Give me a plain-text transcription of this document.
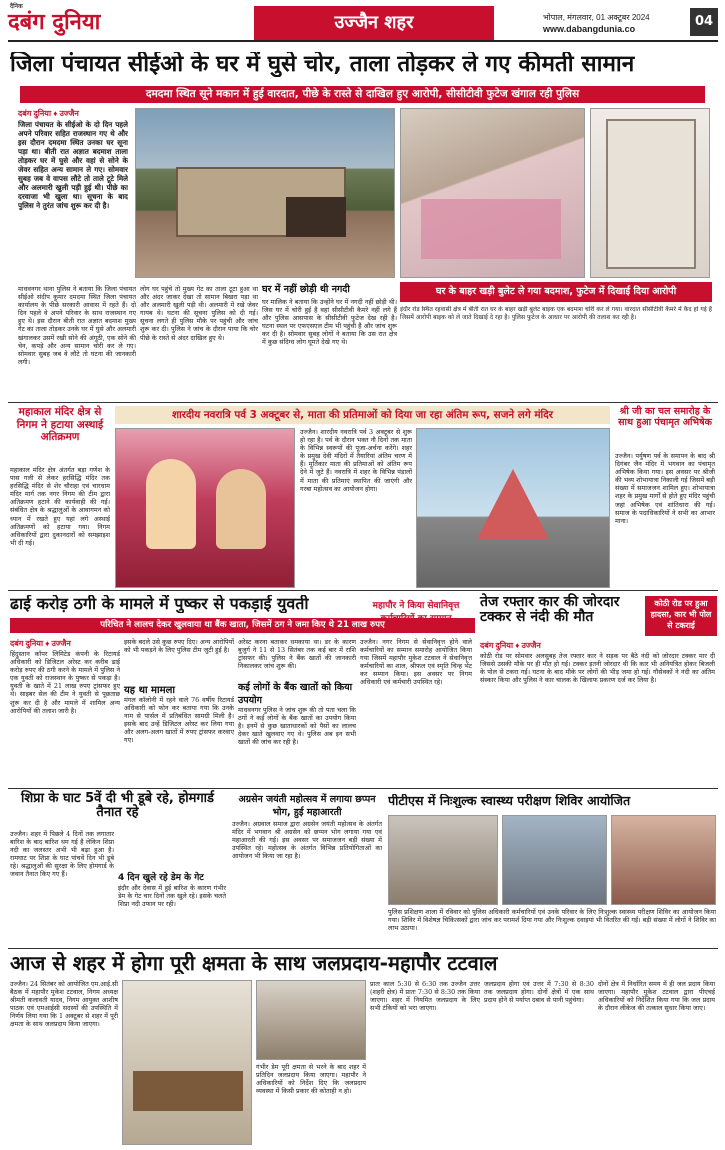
दैनिक
दबंग दुनिया	उज्जैन शहर	भोपाल, मंगलवार, 01 अक्टूबर 2024
www.dabangdunia.co	04
जिला पंचायत सीईओ के घर में घुसे चोर, ताला तोड़कर ले गए कीमती सामान
दमदमा स्थित सूने मकान में हुई वारदात, पीछे के रास्ते से दाखिल हुए आरोपी, सीसीटीवी फुटेज खंगाल रही पुलिस
दबंग दुनिया ♦ उज्जैन
जिला पंचायत के सीईओ के दो दिन पहले अपने परिवार सहित राजस्थान गए थे और इस दौरान दमदमा स्थित उनका घर सूना पड़ा था। बीती रात अज्ञात बदमाश ताला तोड़कर घर में घुसे और वहां से सोने के जेवर सहित अन्य सामान ले गए। सोमवार सुबह जब वे वापस लौटे तो ताले टूटे मिले और अलमारी खुली पड़ी हुई थी। पीछे का दरवाजा भी खुला था। सूचना के बाद पुलिस ने तुरंत जांच शुरू कर दी है।
माधवनगर थाना पुलिस ने बताया कि जिला पंचायत सीईओ संदीप कुमार दमदमा स्थित जिला पंचायत कार्यालय के पीछे सरकारी आवास में रहते हैं। दो दिन पहले वे अपने परिवार के साथ राजस्थान गए हुए थे। इस दौरान बीती रात अज्ञात बदमाश मुख्य गेट का ताला तोड़कर उनके घर में घुसे और अलमारी खंगालकर उसमें रखी सोने की अंगूठी, एक सोने की चेन, कपड़े और अन्य सामान चोरी कर ले गए। सोमवार सुबह जब वे लौटे तो घटना की जानकारी लगी।
लोग घर पहुंचे तो मुख्य गेट का ताला टूटा हुआ था और अंदर जाकर देखा तो सामान बिखरा पड़ा था और अलमारी खुली पड़ी थी। अलमारी में रखे जेवर गायब थे। घटना की सूचना पुलिस को दी गई। सूचना लगते ही पुलिस मौके पर पहुंची और जांच शुरू कर दी। पुलिस ने जांच के दौरान पाया कि चोर पीछे के रास्ते से अंदर दाखिल हुए थे।
घर में नहीं छोड़ी थी नगदी
घर मालिक ने बताया कि उन्होंने घर में नगदी नहीं छोड़ी थी। जिस घर में चोरी हुई है वहां सीसीटीवी कैमरे नहीं लगे हैं और पुलिस आसपास के सीसीटीवी फुटेज देख रही है। घटना स्थल पर एफएसएल टीम भी पहुंची है और जांच शुरू कर दी है। सोमवार सुबह लोगों ने बताया कि उस रात क्षेत्र में कुछ संदिग्ध लोग घूमते देखे गए थे।
घर के बाहर खड़ी बुलेट ले गया बदमाश, फुटेज में दिखाई दिया आरोपी
इंदौर रोड स्थित रहवासी क्षेत्र में बीती रात घर के बाहर खड़ी बुलेट बाइक एक बदमाश चोरी कर ले गया। वारदात सीसीटीवी कैमरे में कैद हो गई है जिसमें आरोपी बाइक को ले जाते दिखाई दे रहा है। पुलिस फुटेज के आधार पर आरोपी की तलाश कर रही है।
महाकाल मंदिर क्षेत्र से निगम ने हटाया अस्थाई अतिक्रमण
महाकाल मंदिर क्षेत्र अंतर्गत बड़ा गणेश के पास गली से लेकर हरसिद्धि मंदिर तक हरसिद्धि मंदिर से शेर चौराहा एवं चारधाम मंदिर मार्ग तक नगर निगम की टीम द्वारा अतिक्रमण हटाने की कार्यवाही की गई। संबंधित क्षेत्र के श्रद्धालुओं के आवागमन को ध्यान में रखते हुए यहां लगे अस्थाई अतिक्रमणों को हटाया गया। निगम अधिकारियों द्वारा दुकानदारों को समझाइश भी दी गई।
शारदीय नवरात्रि पर्व 3 अक्टूबर से, माता की प्रतिमाओं को दिया जा रहा अंतिम रूप, सजने लगे मंदिर
उज्जैन। शारदीय नवरात्रि पर्व 3 अक्टूबर से शुरू हो रहा है। पर्व के दौरान भक्त नौ दिनों तक माता के विभिन्न स्वरूपों की पूजा-अर्चना करेंगे। शहर के प्रमुख देवी मंदिरों में तैयारियां अंतिम चरण में हैं। मूर्तिकार माता की प्रतिमाओं को अंतिम रूप देने में जुटे हैं। नवरात्रि में शहर के विभिन्न पंडालों में माता की प्रतिमाएं स्थापित की जाएंगी और गरबा महोत्सव का आयोजन होगा।
श्री जी का चल समारोह के साथ हुआ पंचामृत अभिषेक
उज्जैन। पर्युषण पर्व के समापन के बाद श्री दिगंबर जैन मंदिर में भगवान का पंचामृत अभिषेक किया गया। इस अवसर पर श्रीजी की भव्य शोभायात्रा निकाली गई जिसमें बड़ी संख्या में समाजजन शामिल हुए। शोभायात्रा शहर के प्रमुख मार्गों से होते हुए मंदिर पहुंची जहां अभिषेक एवं शांतिधारा की गई। समाज के पदाधिकारियों ने सभी का आभार माना।
ढाई करोड़ ठगी के मामले में पुष्कर से पकड़ाई युवती
परिचित ने लालच देकर खुलवाया था बैंक खाता, जिसमें ठग ने जमा किए थे 21 लाख रुपए
दबंग दुनिया ♦ उज्जैन
हिंदुस्तान कॉपर लिमिटेड कंपनी के रिटायर्ड अधिकारी को डिजिटल अरेस्ट कर करीब ढाई करोड़ रुपए की ठगी करने के मामले में पुलिस ने एक युवती को राजस्थान के पुष्कर से पकड़ा है। युवती के खाते में 21 लाख रुपए ट्रांसफर हुए थे। साइबर सेल की टीम ने युवती से पूछताछ शुरू कर दी है और मामले में शामिल अन्य आरोपियों की तलाश जारी है।
इसके बदले उसे कुछ रुपए दिए। अन्य आरोपियों को भी पकड़ने के लिए पुलिस टीम जुटी हुई है।
यह था मामला
मंगल कॉलोनी में रहने वाले 76 वर्षीय रिटायर्ड अधिकारी को फोन कर बताया गया कि उनके नाम से पार्सल में प्रतिबंधित सामग्री मिली है। इसके बाद उन्हें डिजिटल अरेस्ट कर लिया गया और अलग-अलग खातों में रुपए ट्रांसफर करवाए गए।
अरेस्ट करना बताकर धमकाया था। डर के कारण बुजुर्ग ने 11 से 13 सितंबर तक कई बार में राशि ट्रांसफर की। पुलिस ने बैंक खातों की जानकारी निकालकर जांच शुरू की।
कई लोगों के बैंक खातों को किया उपयोग
माधवनगर पुलिस ने जांच शुरू की तो पता चला कि ठगों ने कई लोगों के बैंक खातों का उपयोग किया है। इनमें से कुछ खाताधारकों को पैसों का लालच देकर खाते खुलवाए गए थे। पुलिस अब इन सभी खातों की जांच कर रही है।
महापौर ने किया सेवानिवृत्त कर्मचारियों का सम्मान
उज्जैन। नगर निगम से सेवानिवृत्त होने वाले कर्मचारियों का सम्मान समारोह आयोजित किया गया जिसमें महापौर मुकेश टटवाल ने सेवानिवृत्त कर्मचारियों का शाल, श्रीफल एवं स्मृति चिन्ह भेंट कर सम्मान किया। इस अवसर पर निगम अधिकारी एवं कर्मचारी उपस्थित रहे।
तेज रफ्तार कार की जोरदार टक्कर से नंदी की मौत
कोठी रोड पर हुआ हादसा, कार भी पोल से टकराई
दबंग दुनिया ♦ उज्जैन
कोठी रोड पर सोमवार अलसुबह तेज रफ्तार कार ने सड़क पर बैठे नंदी को जोरदार टक्कर मार दी जिससे उसकी मौके पर ही मौत हो गई। टक्कर इतनी जोरदार थी कि कार भी अनियंत्रित होकर बिजली के पोल से टकरा गई। घटना के बाद मौके पर लोगों की भीड़ जमा हो गई। गौसेवकों ने नंदी का अंतिम संस्कार किया और पुलिस ने कार चालक के खिलाफ प्रकरण दर्ज कर लिया है।
शिप्रा के घाट 5वें दी भी डूबे रहे, होमगार्ड तैनात रहे
उज्जैन। शहर में पिछले 4 दिनों तक लगातार बारिश के बाद बारिश थम गई है लेकिन शिप्रा नदी का जलस्तर अभी भी बढ़ा हुआ है। रामघाट पर शिप्रा के घाट पांचवें दिन भी डूबे रहे। श्रद्धालुओं की सुरक्षा के लिए होमगार्ड के जवान तैनात किए गए हैं।	4 दिन खुले रहे डेम के गेट
इंदौर और देवास में हुई बारिश के कारण गंभीर डेम के गेट चार दिनों तक खुले रहे। इसके चलते शिप्रा नदी उफान पर रही।
अग्रसेन जयंती महोत्सव में लगाया छप्पन भोग, हुई महाआरती
उज्जैन। अग्रवाल समाज द्वारा अग्रसेन जयंती महोत्सव के अंतर्गत मंदिर में भगवान श्री अग्रसेन को छप्पन भोग लगाया गया एवं महाआरती की गई। इस अवसर पर समाजजन बड़ी संख्या में उपस्थित रहे। महोत्सव के अंतर्गत विभिन्न प्रतियोगिताओं का आयोजन भी किया जा रहा है।
पीटीएस में निःशुल्क स्वास्थ्य परीक्षण शिविर आयोजित
पुलिस प्रशिक्षण शाला में रविवार को पुलिस अधिकारी कर्मचारियों एवं उनके परिवार के लिए निःशुल्क स्वास्थ्य परीक्षण शिविर का आयोजन किया गया। शिविर में विशेषज्ञ चिकित्सकों द्वारा जांच कर परामर्श दिया गया और निःशुल्क दवाइयां भी वितरित की गईं। बड़ी संख्या में लोगों ने शिविर का लाभ उठाया।
आज से शहर में होगा पूरी क्षमता के साथ जलप्रदाय-महापौर टटवाल
उज्जैन। 24 सितंबर को आयोजित एम.आई.सी बैठक में महापौर मुकेश टटवाल, निगम अध्यक्ष श्रीमती कलावती यादव, निगम आयुक्त आशीष पाठक एवं एमआईसी सदस्यों की उपस्थिति में निर्णय लिया गया कि 1 अक्टूबर से शहर में पूरी क्षमता के साथ जलप्रदाय किया जाएगा।
गंभीर डेम पूरी क्षमता से भरने के बाद शहर में प्रतिदिन जलप्रदाय किया जाएगा। महापौर ने अधिकारियों को निर्देश दिए कि जलप्रदाय व्यवस्था में किसी प्रकार की कोताही न हो।
प्रातः काल 5:30 से 6:30 तक उज्जैन उत्तर (शहरी क्षेत्र) में प्रातः 7:30 से 8:30 तक किया जाएगा। शहर में नियमित जलप्रदाय के लिए सभी टंकियों को भरा जाएगा।
जलप्रदाय होगा एवं उत्तर में 7:30 से 8:30 तक जलप्रदाय होगा। दोनों क्षेत्रों में एक साथ प्रदाय होने से पर्याप्त दबाव से पानी पहुंचेगा।
दोनों क्षेत्र में निर्धारित समय में ही जल प्रदाय किया जाएगा। महापौर मुकेश टटवाल द्वारा पीएचई अधिकारियों को निर्देशित किया गया कि जल प्रदाय के दौरान लीकेज की तत्काल सुधार किया जाए।
